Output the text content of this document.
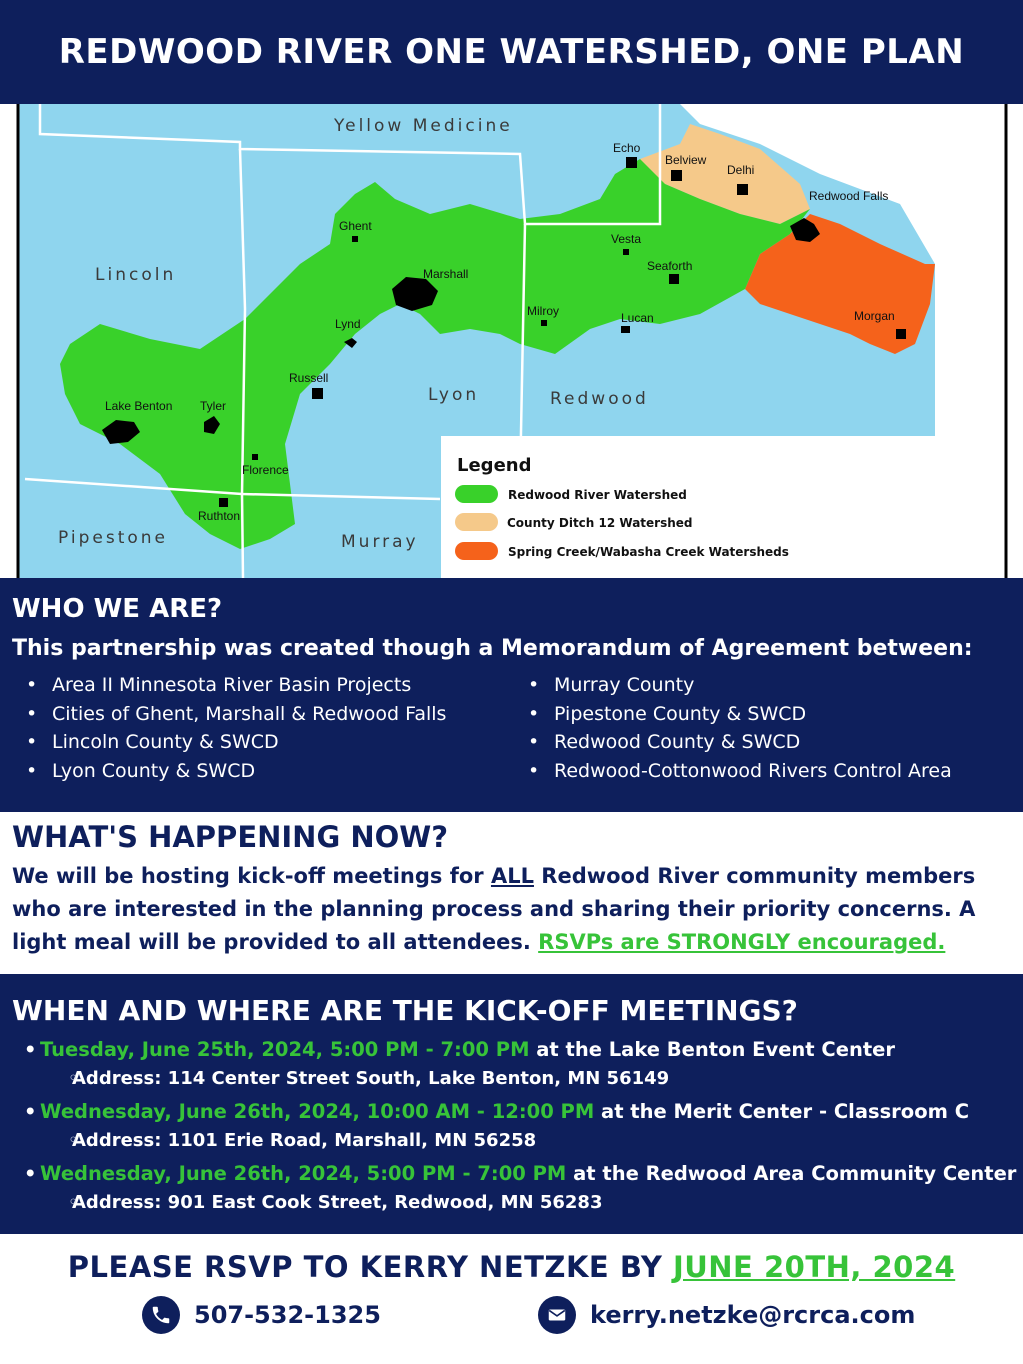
REDWOOD RIVER ONE WATERSHED, ONE PLAN
Yellow Medicine
Lincoln
Lyon	Redwood
Pipestone	Murray
Echo
Belview
Delhi
Redwood Falls
Ghent
Vesta
Seaforth
Marshall
Milroy	Lucan	Morgan
Lynd
Russell
Lake Benton Tyler
Florence
Ruthton
Legend
Redwood River Watershed
County Ditch 12 Watershed
Spring Creek/Wabasha Creek Watersheds
WHO WE ARE?

This partnership was created though a Memorandum of Agreement between:

• Area II Minnesota River Basin Projects
• Cities of Ghent, Marshall & Redwood Falls
• Lincoln County & SWCD
• Lyon County & SWCD
• Murray County
• Pipestone County & SWCD
• Redwood County & SWCD
• Redwood-Cottonwood Rivers Control Area
WHAT'S HAPPENING NOW?

We will be hosting kick-off meetings for ALL Redwood River community members who are interested in the planning process and sharing their priority concerns. A light meal will be provided to all attendees. RSVPs are STRONGLY encouraged.

WHEN AND WHERE ARE THE KICK-OFF MEETINGS?
• Tuesday, June 25th, 2024, 5:00 PM - 7:00 PM at the Lake Benton Event Center
◦ Address: 114 Center Street South, Lake Benton, MN 56149
• Wednesday, June 26th, 2024, 10:00 AM - 12:00 PM at the Merit Center - Classroom C
◦ Address: 1101 Erie Road, Marshall, MN 56258
• Wednesday, June 26th, 2024, 5:00 PM - 7:00 PM at the Redwood Area Community Center
◦ Address: 901 East Cook Street, Redwood, MN 56283
PLEASE RSVP TO KERRY NETZKE BY JUNE 20TH, 2024
507-532-1325	kerry.netzke@rcrca.com
